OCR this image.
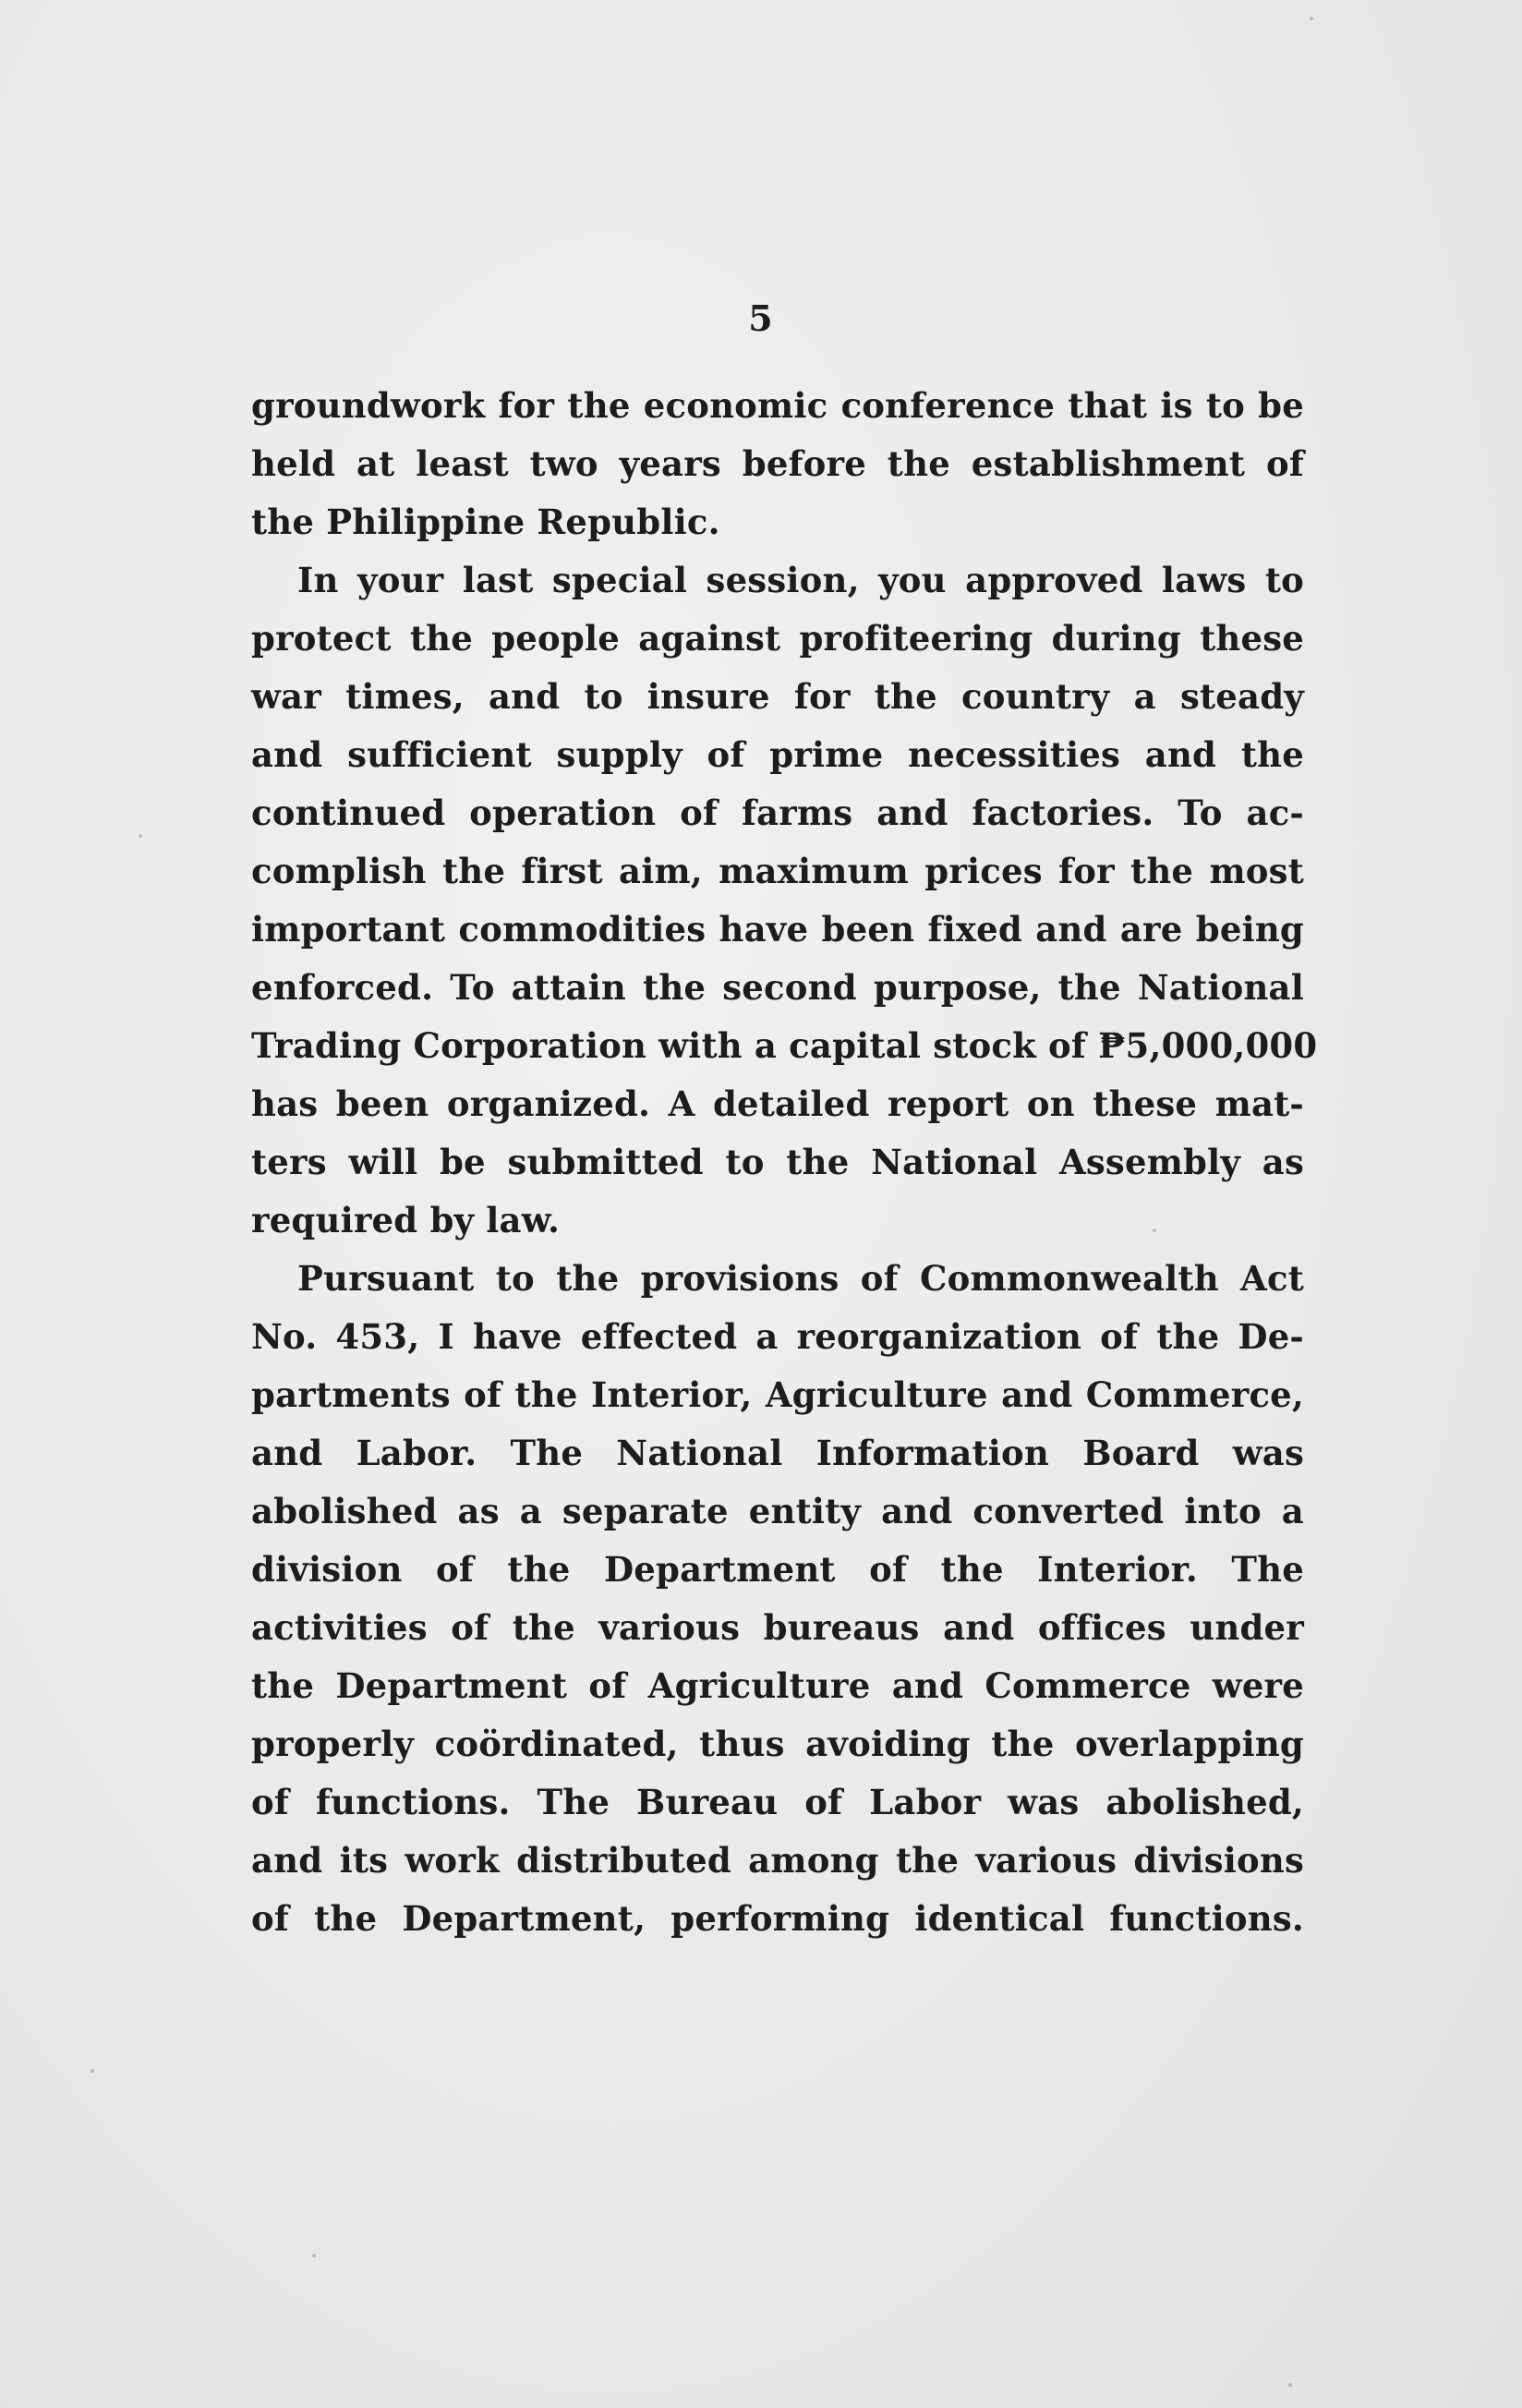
5
groundwork for the economic conference that is to be
held at least two years before the establishment of
the Philippine Republic.
In your last special session, you approved laws to
protect the people against profiteering during these
war times, and to insure for the country a steady
and sufficient supply of prime necessities and the
continued operation of farms and factories. To ac-
complish the first aim, maximum prices for the most
important commodities have been fixed and are being
enforced. To attain the second purpose, the National
Trading Corporation with a capital stock of ₱5,000,000
has been organized. A detailed report on these mat-
ters will be submitted to the National Assembly as
required by law.
Pursuant to the provisions of Commonwealth Act
No. 453, I have effected a reorganization of the De-
partments of the Interior, Agriculture and Commerce,
and Labor. The National Information Board was
abolished as a separate entity and converted into a
division of the Department of the Interior. The
activities of the various bureaus and offices under
the Department of Agriculture and Commerce were
properly coördinated, thus avoiding the overlapping
of functions. The Bureau of Labor was abolished,
and its work distributed among the various divisions
of the Department, performing identical functions.
